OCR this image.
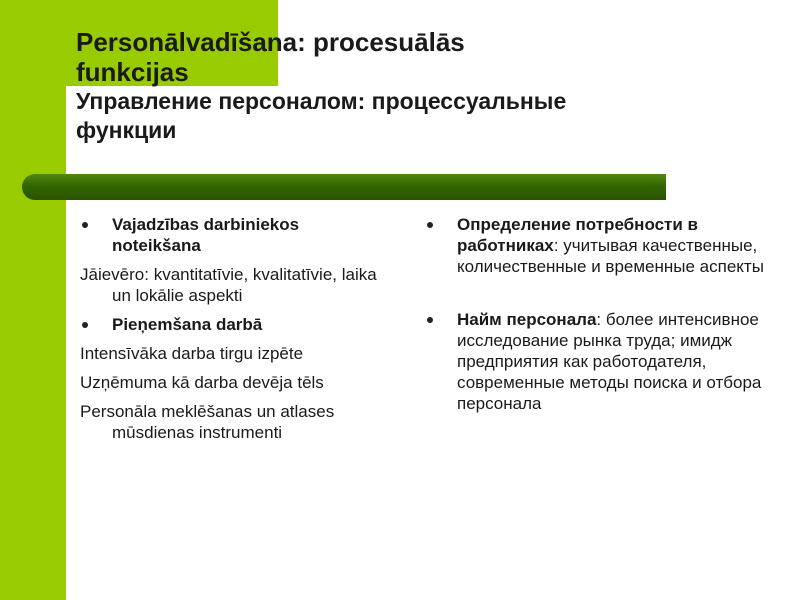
Personālvadīšana: procesuālās
funkcijas
Управление персоналом: процессуальные
функции
Vajadzības darbiniekos noteikšana
Jāievēro: kvantitatīvie, kvalitatīvie, laika un lokālie aspekti
Pieņemšana darbā
Intensīvāka darba tirgu izpēte
Uzņēmuma kā darba devēja tēls
Personāla meklēšanas un atlases mūsdienas instrumenti
Определение потребности в работниках: учитывая качественные, количественные и временные аспекты
Найм персонала: более интенсивное исследование рынка труда; имидж предприятия как работодателя, современные методы поиска и отбора персонала
